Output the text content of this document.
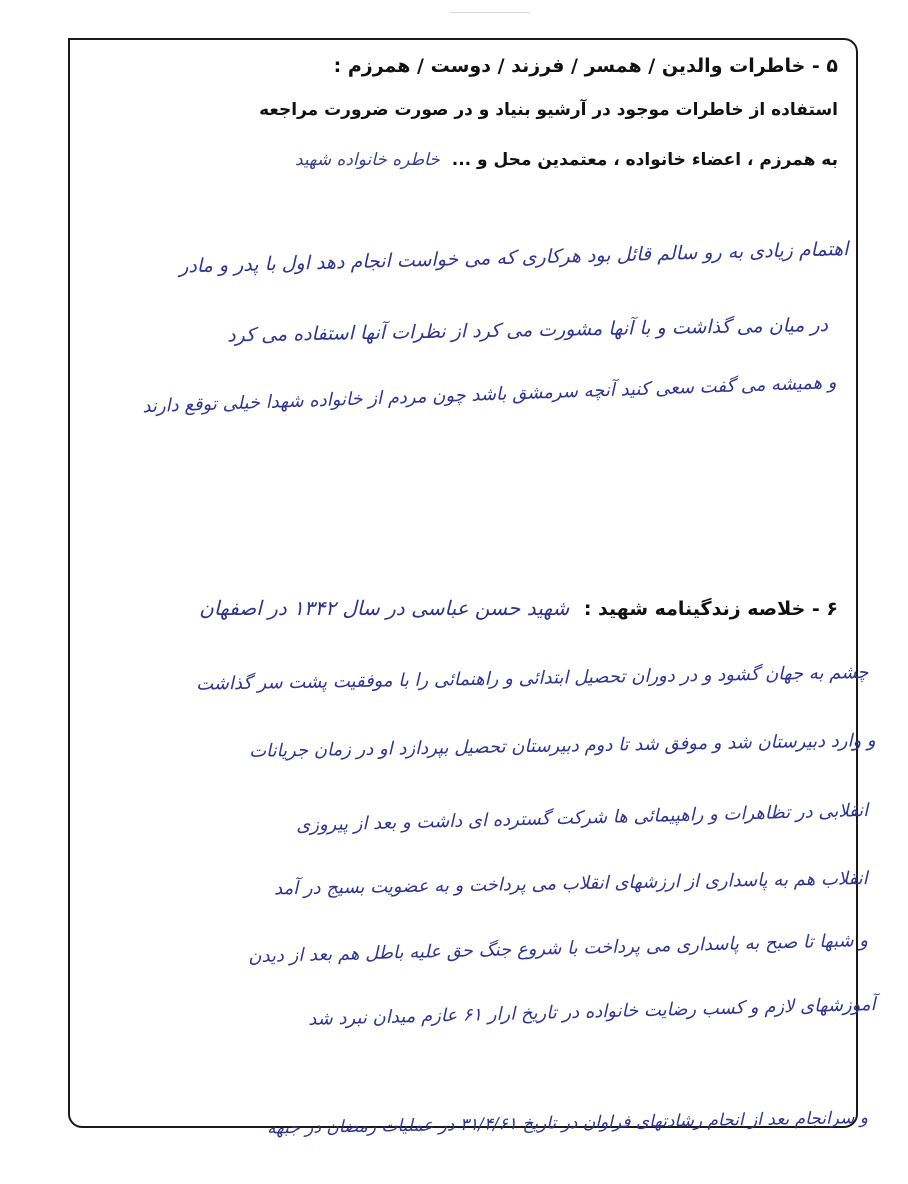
۵ - خاطرات والدین / همسر / فرزند / دوست / همرزم :
استفاده از خاطرات موجود در آرشیو بنیاد و در صورت ضرورت مراجعه
به همرزم ، اعضاء خانواده ، معتمدین محل و ... خاطره خانواده شهید
اهتمام زیادی به رو سالم قائل بود هرکاری که می خواست انجام دهد اول با پدر و مادر
در میان می گذاشت و با آنها مشورت می کرد از نظرات آنها استفاده می کرد
و همیشه می گفت سعی کنید آنچه سرمشق باشد چون مردم از خانواده شهدا خیلی توقع دارند
۶ - خلاصه زندگینامه شهید : شهید حسن عباسی در سال ۱۳۴۲ در اصفهان
چشم به جهان گشود و در دوران تحصیل ابتدائی و راهنمائی را با موفقیت پشت سر گذاشت
و وارد دبیرستان شد و موفق شد تا دوم دبیرستان تحصیل بپردازد او در زمان جریانات
انقلابی در تظاهرات و راهپیمائی ها شرکت گسترده ای داشت و بعد از پیروزی
انقلاب هم به پاسداری از ارزشهای انقلاب می پرداخت و به عضویت بسیج در آمد
و شبها تا صبح به پاسداری می پرداخت با شروع جنگ حق علیه باطل هم بعد از دیدن
آموزشهای لازم و کسب رضایت خانواده در تاریخ ارار ۶۱ عازم میدان نبرد شد
و سرانجام بعد از انجام رشادتهای فراوان در تاریخ ۳۱/۴/۶۱ در عملیات رمضان در جبهه
